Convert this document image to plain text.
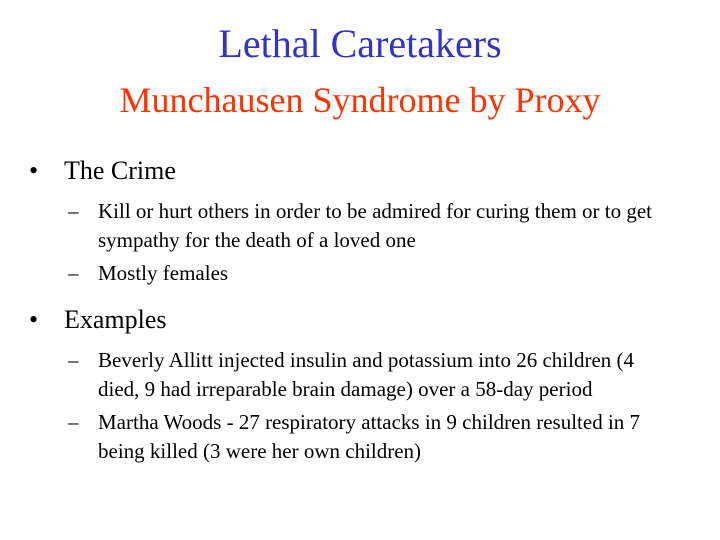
Lethal Caretakers
Munchausen Syndrome by Proxy
• The Crime
– Kill or hurt others in order to be admired for curing them or to get sympathy for the death of a loved one
– Mostly females
• Examples
– Beverly Allitt injected insulin and potassium into 26 children (4 died, 9 had irreparable brain damage) over a 58-day period
– Martha Woods - 27 respiratory attacks in 9 children resulted in 7 being killed (3 were her own children)
